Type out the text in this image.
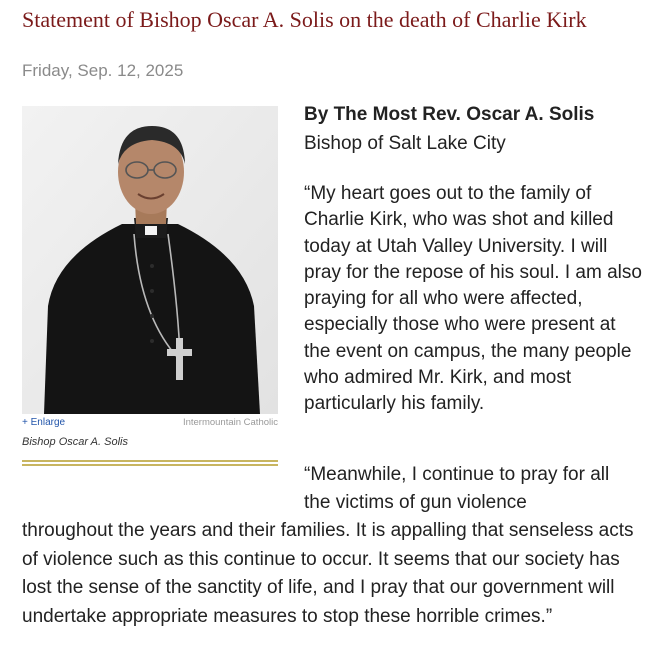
Statement of Bishop Oscar A. Solis on the death of Charlie Kirk
Friday, Sep. 12, 2025
+ Enlarge	Intermountain Catholic
Bishop Oscar A. Solis
By The Most Rev. Oscar A. Solis
Bishop of Salt Lake City

“My heart goes out to the family of Charlie Kirk, who was shot and killed today at Utah Valley University. I will pray for the repose of his soul. I am also praying for all who were affected, especially those who were present at the event on campus, the many people who admired Mr. Kirk, and most particularly his family.

“Meanwhile, I continue to pray for all
the victims of gun violence

throughout the years and their families. It is appalling that senseless acts of violence such as this continue to occur. It seems that our society has lost the sense of the sanctity of life, and I pray that our government will undertake appropriate measures to stop these horrible crimes.”
